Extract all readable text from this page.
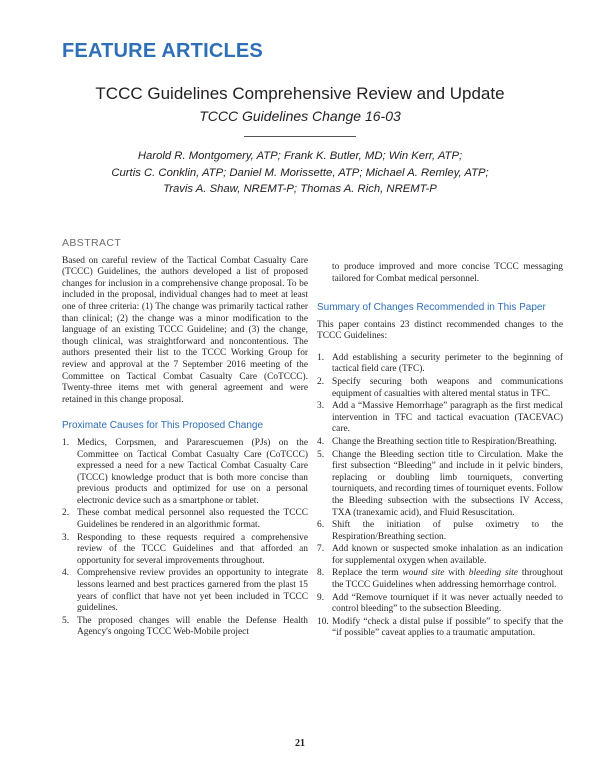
FEATURE ARTICLES
TCCC Guidelines Comprehensive Review and Update
TCCC Guidelines Change 16-03
Harold R. Montgomery, ATP; Frank K. Butler, MD; Win Kerr, ATP;
Curtis C. Conklin, ATP; Daniel M. Morissette, ATP; Michael A. Remley, ATP;
Travis A. Shaw, NREMT-P; Thomas A. Rich, NREMT-P
ABSTRACT

Based on careful review of the Tactical Combat Casualty Care (TCCC) Guidelines, the authors developed a list of proposed changes for inclusion in a comprehensive change proposal. To be included in the proposal, individual changes had to meet at least one of three criteria: (1) The change was primarily tactical rather than clinical; (2) the change was a minor modification to the language of an existing TCCC Guideline; and (3) the change, though clinical, was straightforward and noncontentious. The authors presented their list to the TCCC Working Group for review and approval at the 7 September 2016 meeting of the Committee on Tactical Combat Casualty Care (CoTCCC). Twenty-three items met with general agreement and were retained in this change proposal.

Proximate Causes for This Proposed Change
1. Medics, Corpsmen, and Pararescuemen (PJs) on the Committee on Tactical Combat Casualty Care (CoTCCC) expressed a need for a new Tactical Combat Casualty Care (TCCC) knowledge product that is both more concise than previous products and optimized for use on a personal electronic device such as a smartphone or tablet.
2. These combat medical personnel also requested the TCCC Guidelines be rendered in an algorithmic format.
3. Responding to these requests required a comprehensive review of the TCCC Guidelines and that afforded an opportunity for several improvements throughout.
4. Comprehensive review provides an opportunity to integrate lessons learned and best practices garnered from the plast 15 years of conflict that have not yet been included in TCCC guidelines.
5. The proposed changes will enable the Defense Health Agency's ongoing TCCC Web-Mobile project
to produce improved and more concise TCCC messaging tailored for Combat medical personnel.
Summary of Changes Recommended in This Paper

This paper contains 23 distinct recommended changes to the TCCC Guidelines:

1. Add establishing a security perimeter to the beginning of tactical field care (TFC).
2. Specify securing both weapons and communications equipment of casualties with altered mental status in TFC.
3. Add a “Massive Hemorrhage” paragraph as the first medical intervention in TFC and tactical evacuation (TACEVAC) care.
4. Change the Breathing section title to Respiration/Breathing.
5. Change the Bleeding section title to Circulation. Make the first subsection “Bleeding” and include in it pelvic binders, replacing or doubling limb tourniquets, converting tourniquets, and recording times of tourniquet events. Follow the Bleeding subsection with the subsections IV Access, TXA (tranexamic acid), and Fluid Resuscitation.
6. Shift the initiation of pulse oximetry to the Respiration/Breathing section.
7. Add known or suspected smoke inhalation as an indication for supplemental oxygen when available.
8. Replace the term wound site with bleeding site throughout the TCCC Guidelines when addressing hemorrhage control.
9. Add “Remove tourniquet if it was never actually needed to control bleeding” to the subsection Bleeding.
10. Modify “check a distal pulse if possible” to specify that the “if possible” caveat applies to a traumatic amputation.
21
